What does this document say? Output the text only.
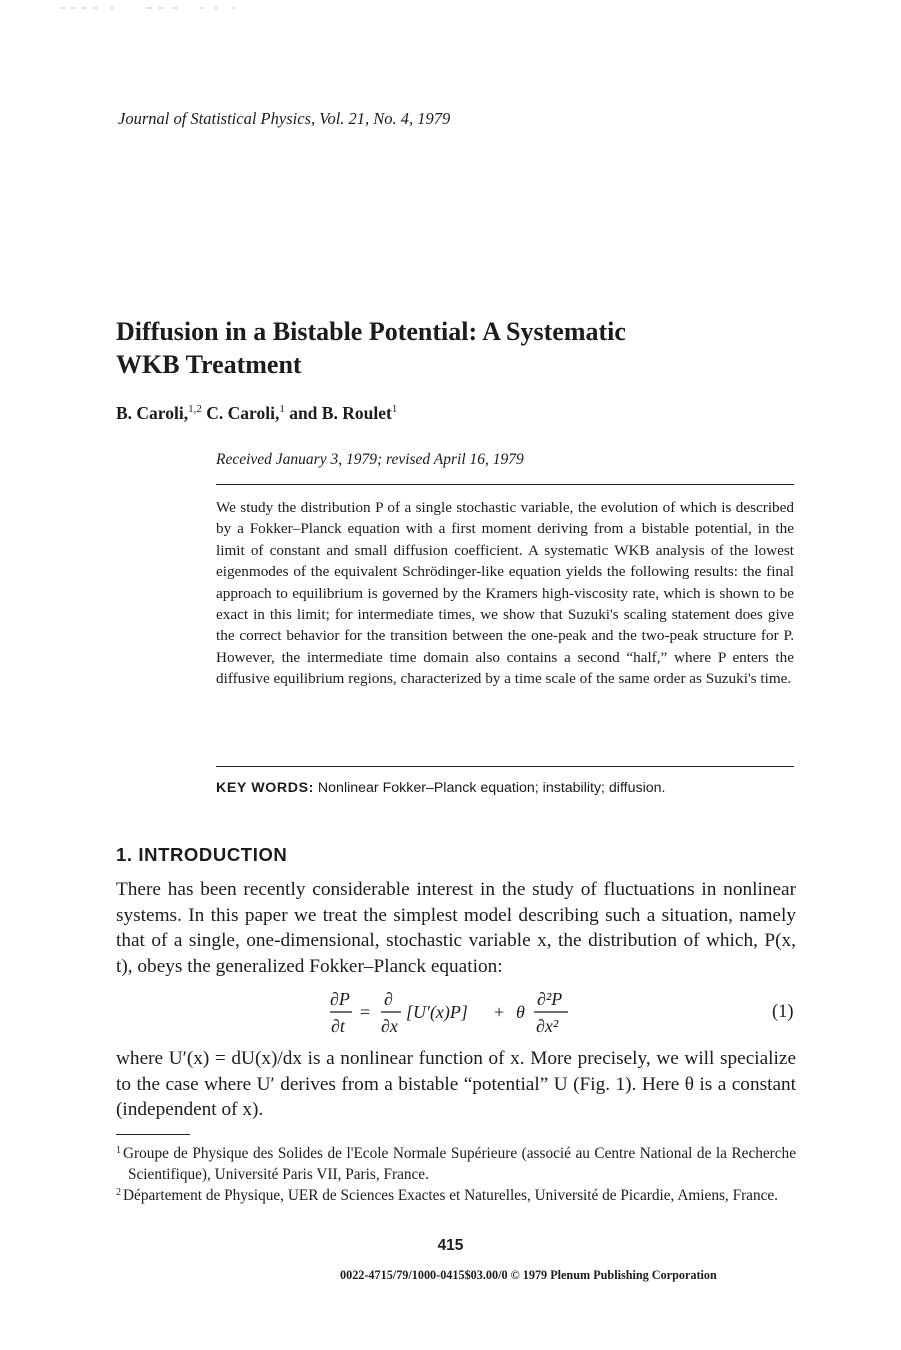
Journal of Statistical Physics, Vol. 21, No. 4, 1979
Diffusion in a Bistable Potential: A Systematic
WKB Treatment
B. Caroli,$^{1,2}$ C. Caroli,$^1$ and B. Roulet$^1$
Received January 3, 1979; revised April 16, 1979
We study the distribution P of a single stochastic variable, the evolution of which is described by a Fokker–Planck equation with a first moment deriving from a bistable potential, in the limit of constant and small diffusion coefficient. A systematic WKB analysis of the lowest eigenmodes of the equivalent Schrödinger-like equation yields the following results: the final approach to equilibrium is governed by the Kramers high-viscosity rate, which is shown to be exact in this limit; for intermediate times, we show that Suzuki's scaling statement does give the correct behavior for the transition between the one-peak and the two-peak structure for P. However, the intermediate time domain also contains a second “half,” where P enters the diffusive equilibrium regions, characterized by a time scale of the same order as Suzuki's time.
KEY WORDS: Nonlinear Fokker–Planck equation; instability; diffusion.
1. INTRODUCTION
There has been recently considerable interest in the study of fluctuations in nonlinear systems. In this paper we treat the simplest model describing such a situation, namely that of a single, one-dimensional, stochastic variable x, the distribution of which, P(x, t), obeys the generalized Fokker–Planck equation:
∂P
∂t
=
∂
∂x
[U′(x)P] + θ
∂²P
∂x²
(1)
where U′(x) = dU(x)/dx is a nonlinear function of x. More precisely, we will specialize to the case where U′ derives from a bistable “potential” U (Fig. 1). Here θ is a constant (independent of x).
$^1$ Groupe de Physique des Solides de l'Ecole Normale Supérieure (associé au Centre National de la Recherche Scientifique), Université Paris VII, Paris, France.
$^2$ Département de Physique, UER de Sciences Exactes et Naturelles, Université de Picardie, Amiens, France.
415
0022-4715/79/1000-0415$03.00/0 © 1979 Plenum Publishing Corporation
